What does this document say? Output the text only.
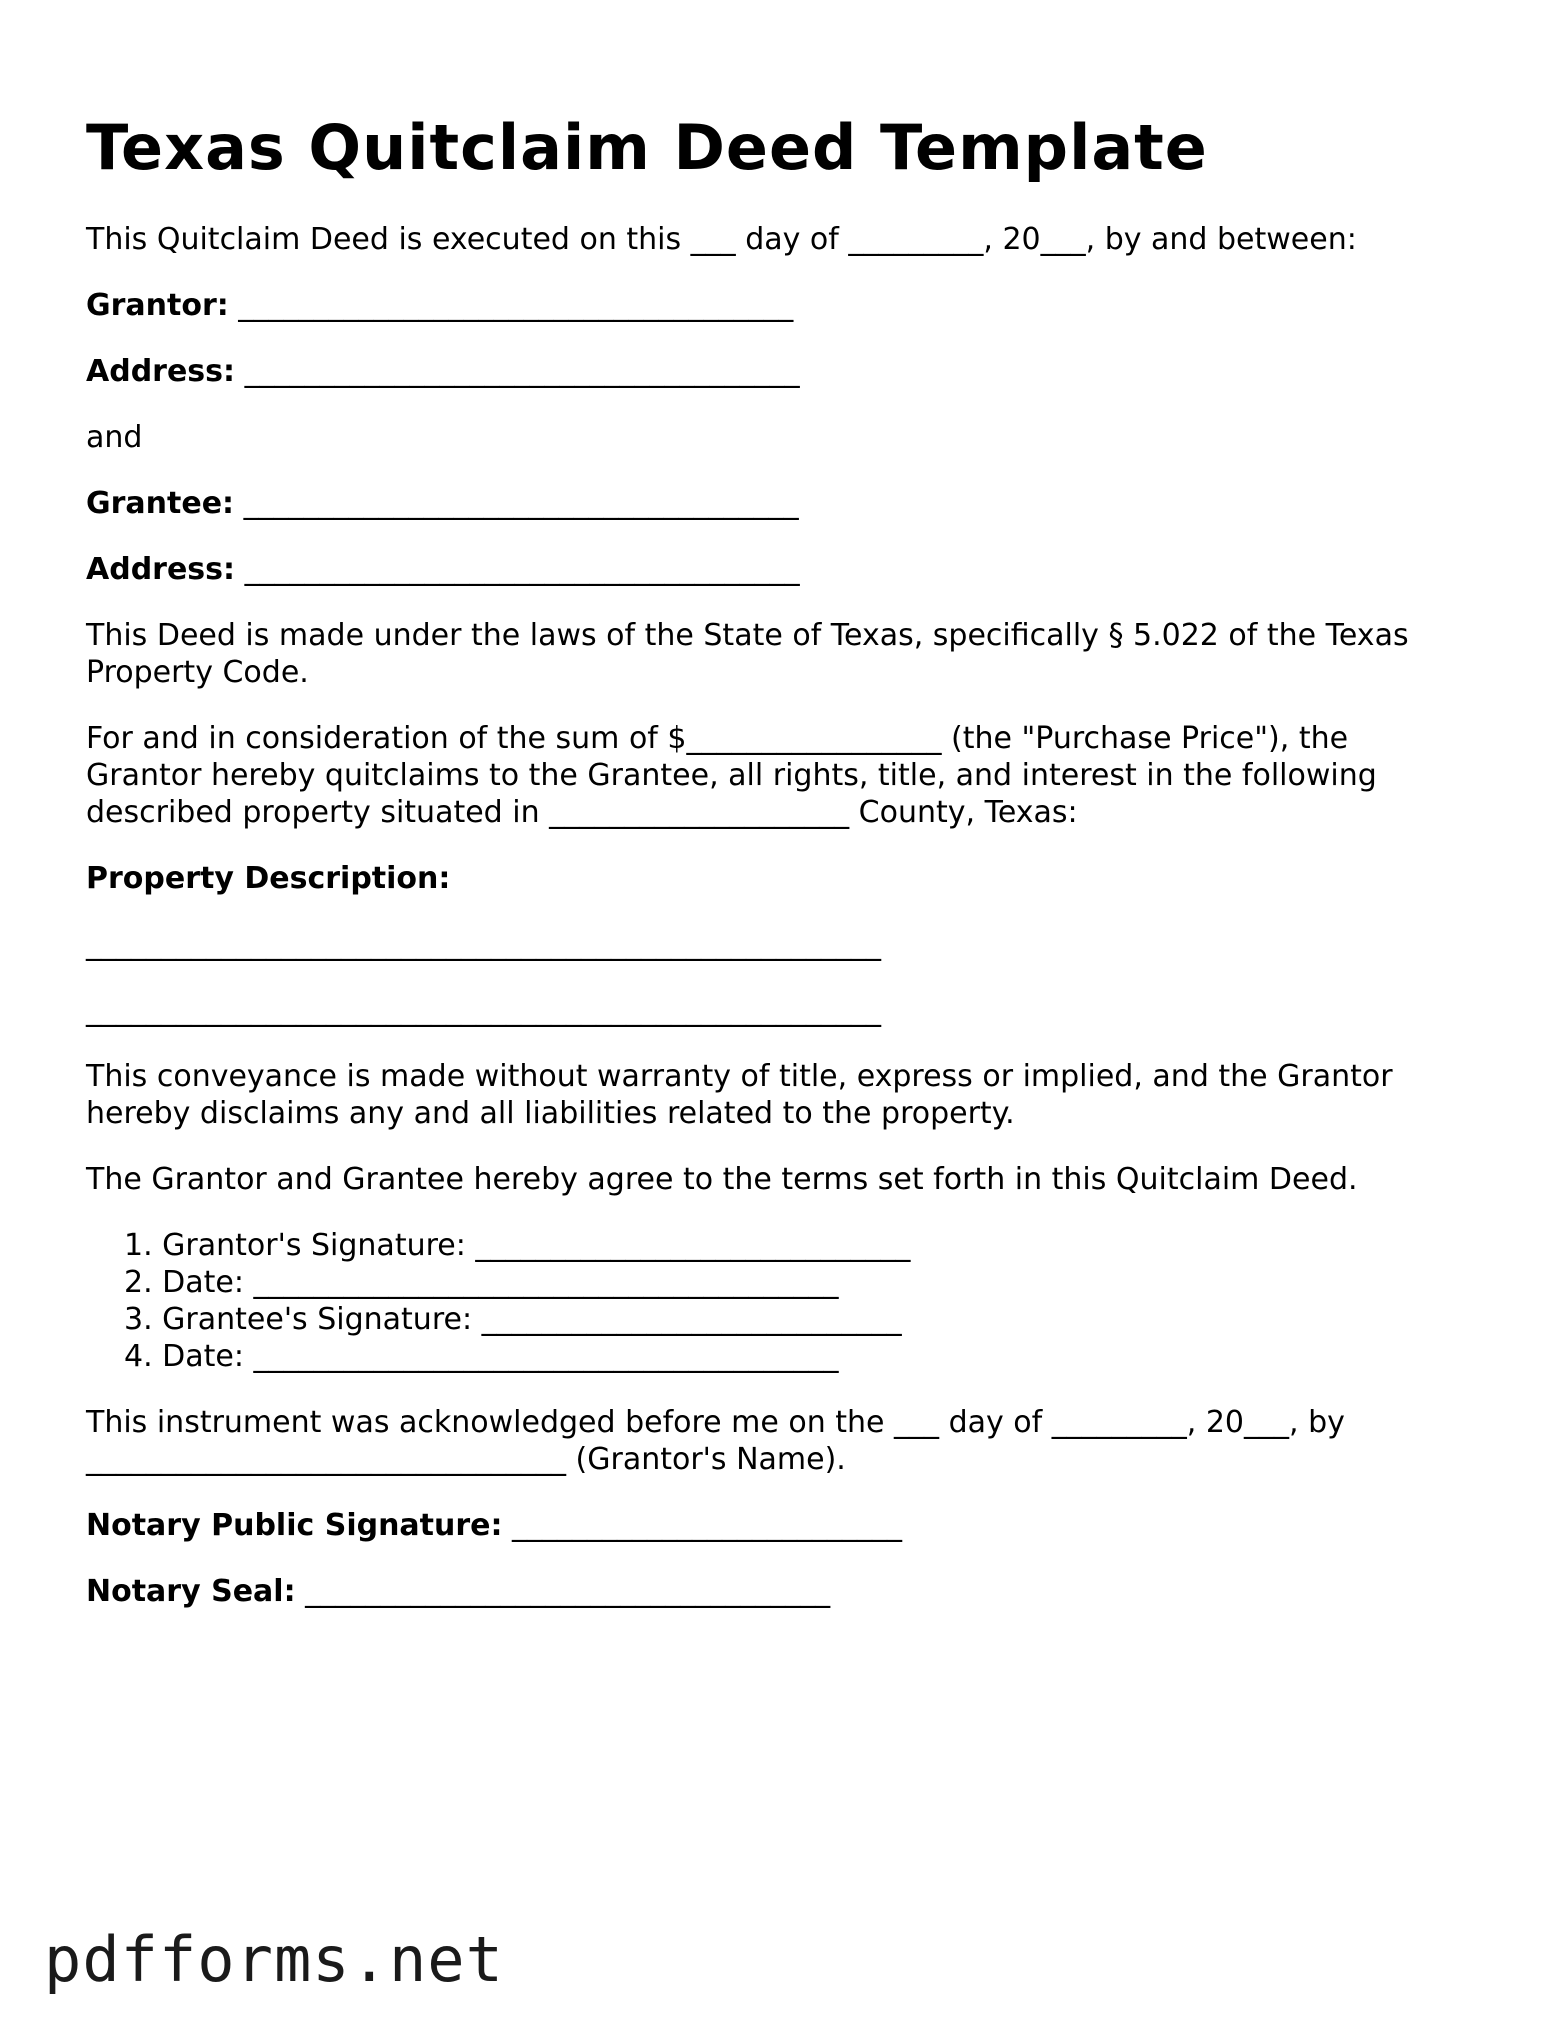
Texas Quitclaim Deed Template
This Quitclaim Deed is executed on this ___ day of _________, 20___, by and between:
Grantor: _____________________________________
Address: _____________________________________
and
Grantee: _____________________________________
Address: _____________________________________
This Deed is made under the laws of the State of Texas, specifically § 5.022 of the Texas
Property Code.
For and in consideration of the sum of $_________________ (the "Purchase Price"), the
Grantor hereby quitclaims to the Grantee, all rights, title, and interest in the following
described property situated in ____________________ County, Texas:
Property Description:
_____________________________________________________
_____________________________________________________
This conveyance is made without warranty of title, express or implied, and the Grantor
hereby disclaims any and all liabilities related to the property.
The Grantor and Grantee hereby agree to the terms set forth in this Quitclaim Deed.
1. Grantor's Signature: _____________________________
2. Date: _______________________________________
3. Grantee's Signature: ____________________________
4. Date: _______________________________________
This instrument was acknowledged before me on the ___ day of _________, 20___, by
________________________________ (Grantor's Name).
Notary Public Signature: __________________________
Notary Seal: ___________________________________
pdfforms.net
